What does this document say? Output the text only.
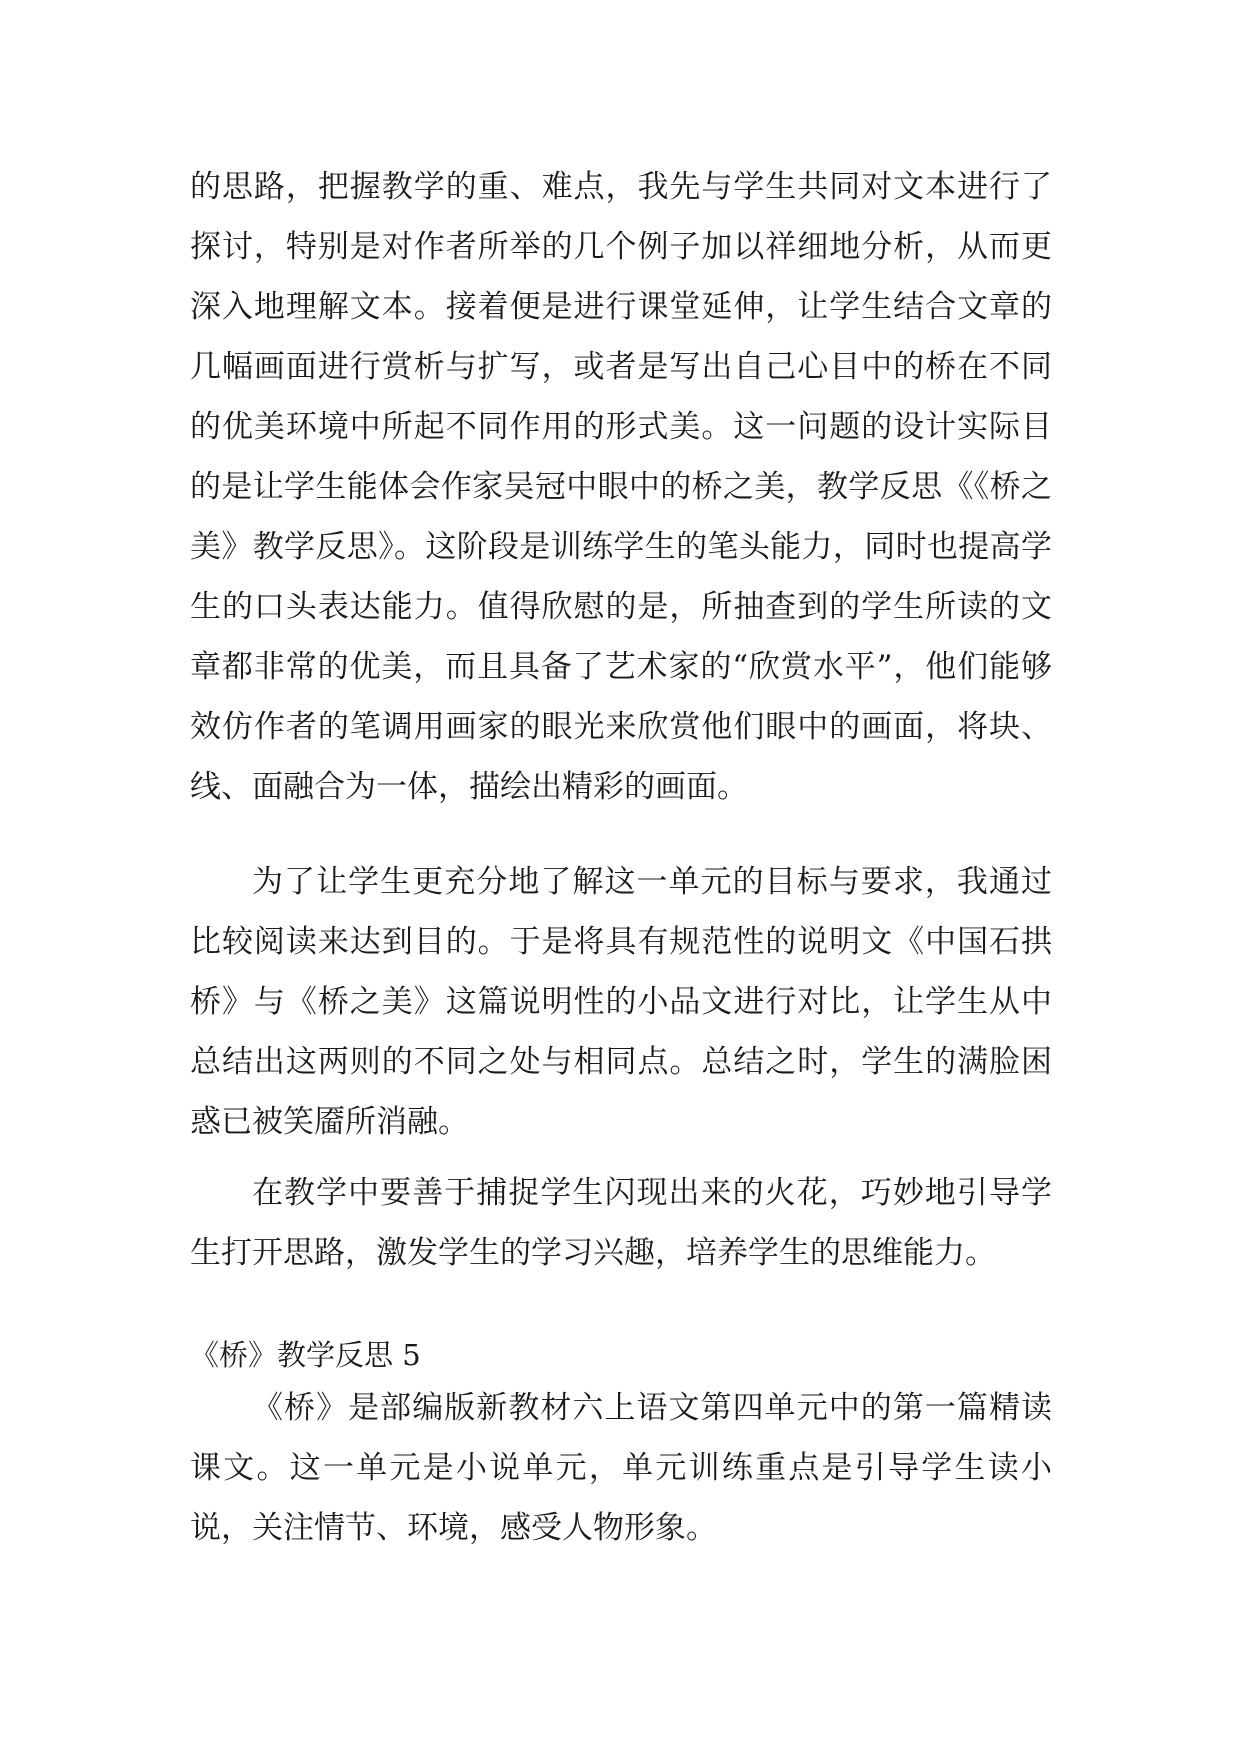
的思路，把握教学的重、难点，我先与学生共同对文本进行了探讨，特别是对作者所举的几个例子加以祥细地分析，从而更深入地理解文本。接着便是进行课堂延伸，让学生结合文章的几幅画面进行赏析与扩写，或者是写出自己心目中的桥在不同的优美环境中所起不同作用的形式美。这一问题的设计实际目的是让学生能体会作家吴冠中眼中的桥之美，教学反思《《桥之美》教学反思》。这阶段是训练学生的笔头能力，同时也提高学生的口头表达能力。值得欣慰的是，所抽查到的学生所读的文章都非常的优美，而且具备了艺术家的“欣赏水平”，他们能够效仿作者的笔调用画家的眼光来欣赏他们眼中的画面，将块、线、面融合为一体，描绘出精彩的画面。

为了让学生更充分地了解这一单元的目标与要求，我通过比较阅读来达到目的。于是将具有规范性的说明文《中国石拱桥》与《桥之美》这篇说明性的小品文进行对比，让学生从中总结出这两则的不同之处与相同点。总结之时，学生的满脸困惑已被笑靥所消融。

在教学中要善于捕捉学生闪现出来的火花，巧妙地引导学生打开思路，激发学生的学习兴趣，培养学生的思维能力。

《桥》教学反思 5

《桥》是部编版新教材六上语文第四单元中的第一篇精读课文。这一单元是小说单元，单元训练重点是引导学生读小说，关注情节、环境，感受人物形象。
